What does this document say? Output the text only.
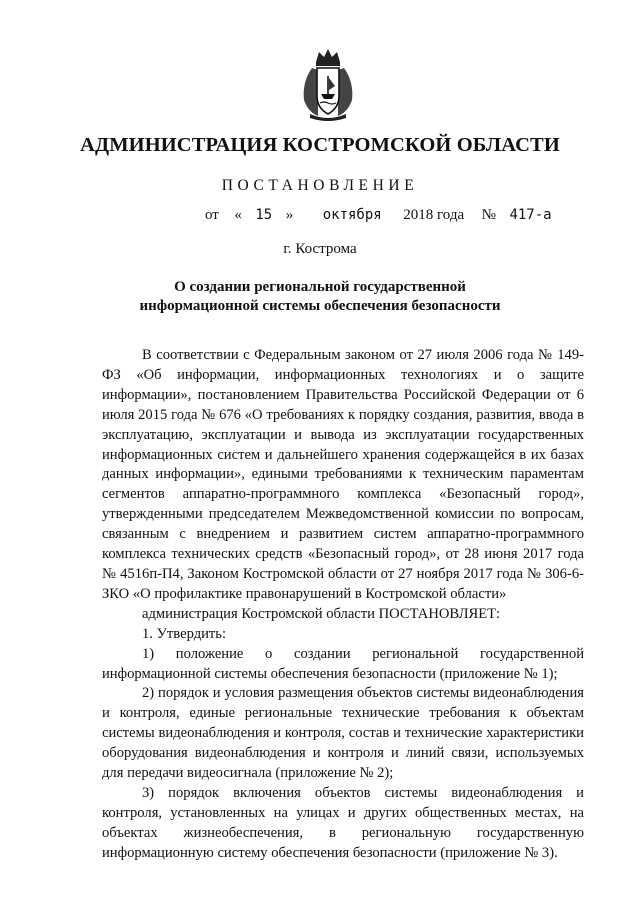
АДМИНИСТРАЦИЯ КОСТРОМСКОЙ ОБЛАСТИ
ПОСТАНОВЛЕНИЕ
от « 15 » октября 2018 года № 417-а
г. Кострома
О создании региональной государственной информационной системы обеспечения безопасности

В соответствии с Федеральным законом от 27 июля 2006 года № 149-ФЗ «Об информации, информационных технологиях и о защите информации», постановлением Правительства Российской Федерации от 6 июля 2015 года № 676 «О требованиях к порядку создания, развития, ввода в эксплуатацию, эксплуатации и вывода из эксплуатации государственных информационных систем и дальнейшего хранения содержащейся в их базах данных информации», едиными требованиями к техническим параментам сегментов аппаратно-программного комплекса «Безопасный город», утвержденными председателем Межведомственной комиссии по вопросам, связанным с внедрением и развитием систем аппаратно-программного комплекса технических средств «Безопасный город», от 28 июня 2017 года № 4516п-П4, Законом Костромской области от 27 ноября 2017 года № 306-6-ЗКО «О профилактике правонарушений в Костромской области»

администрация Костромской области ПОСТАНОВЛЯЕТ:

1. Утвердить:

1) положение о создании региональной государственной информационной системы обеспечения безопасности (приложение № 1);

2) порядок и условия размещения объектов системы видеонаблюдения и контроля, единые региональные технические требования к объектам системы видеонаблюдения и контроля, состав и технические характеристики оборудования видеонаблюдения и контроля и линий связи, используемых для передачи видеосигнала (приложение № 2);

3) порядок включения объектов системы видеонаблюдения и контроля, установленных на улицах и других общественных местах, на объектах жизнеобеспечения, в региональную государственную информационную систему обеспечения безопасности (приложение № 3).
